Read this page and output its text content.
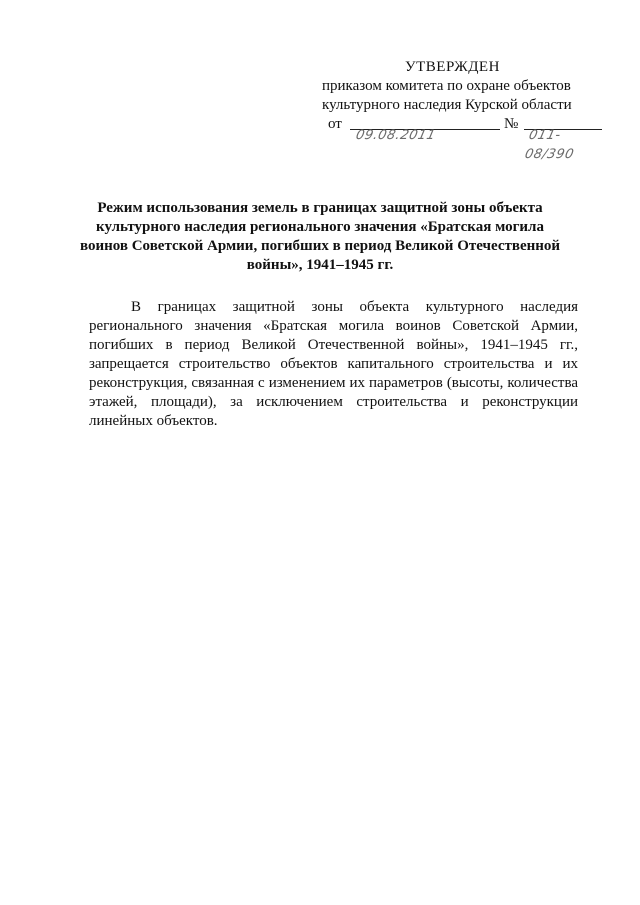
УТВЕРЖДЕН
приказом комитета по охране объектов
культурного наследия Курской области
от
09.08.2011
№
011-08/390
Режим использования земель в границах защитной зоны объекта культурного наследия регионального значения «Братская могила воинов Советской Армии, погибших в период Великой Отечественной войны», 1941–1945 гг.
В границах защитной зоны объекта культурного наследия регионального значения «Братская могила воинов Советской Армии, погибших в период Великой Отечественной войны», 1941–1945 гг., запрещается строительство объектов капитального строительства и их реконструкция, связанная с изменением их параметров (высоты, количества этажей, площади), за исключением строительства и реконструкции линейных объектов.
